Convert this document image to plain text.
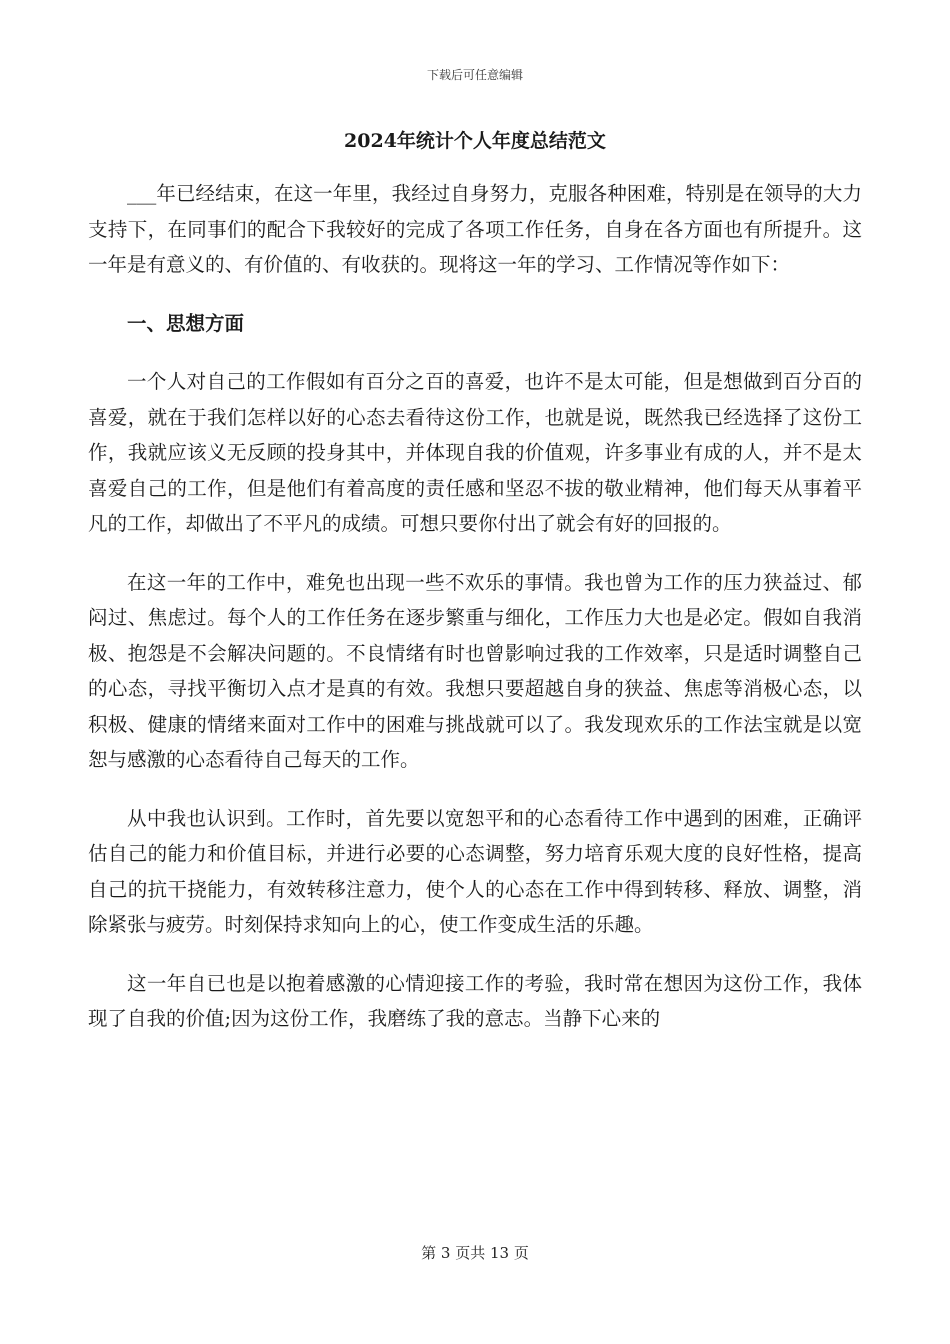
下载后可任意编辑
2024年统计个人年度总结范文

___年已经结束，在这一年里，我经过自身努力，克服各种困难，特别是在领导的大力支持下，在同事们的配合下我较好的完成了各项工作任务，自身在各方面也有所提升。这一年是有意义的、有价值的、有收获的。现将这一年的学习、工作情况等作如下：

一、思想方面

一个人对自己的工作假如有百分之百的喜爱，也许不是太可能，但是想做到百分百的喜爱，就在于我们怎样以好的心态去看待这份工作，也就是说，既然我已经选择了这份工作，我就应该义无反顾的投身其中，并体现自我的价值观，许多事业有成的人，并不是太喜爱自己的工作，但是他们有着高度的责任感和坚忍不拔的敬业精神，他们每天从事着平凡的工作，却做出了不平凡的成绩。可想只要你付出了就会有好的回报的。

在这一年的工作中，难免也出现一些不欢乐的事情。我也曾为工作的压力狭益过、郁闷过、焦虑过。每个人的工作任务在逐步繁重与细化，工作压力大也是必定。假如自我消极、抱怨是不会解决问题的。不良情绪有时也曾影响过我的工作效率，只是适时调整自己的心态，寻找平衡切入点才是真的有效。我想只要超越自身的狭益、焦虑等消极心态，以积极、健康的情绪来面对工作中的困难与挑战就可以了。我发现欢乐的工作法宝就是以宽恕与感激的心态看待自己每天的工作。

从中我也认识到。工作时，首先要以宽恕平和的心态看待工作中遇到的困难，正确评估自己的能力和价值目标，并进行必要的心态调整，努力培育乐观大度的良好性格，提高自己的抗干挠能力，有效转移注意力，使个人的心态在工作中得到转移、释放、调整，消除紧张与疲劳。时刻保持求知向上的心，使工作变成生活的乐趣。

这一年自已也是以抱着感激的心情迎接工作的考验，我时常在想因为这份工作，我体现了自我的价值;因为这份工作，我磨练了我的意志。当静下心来的

第 3 页共 13 页
